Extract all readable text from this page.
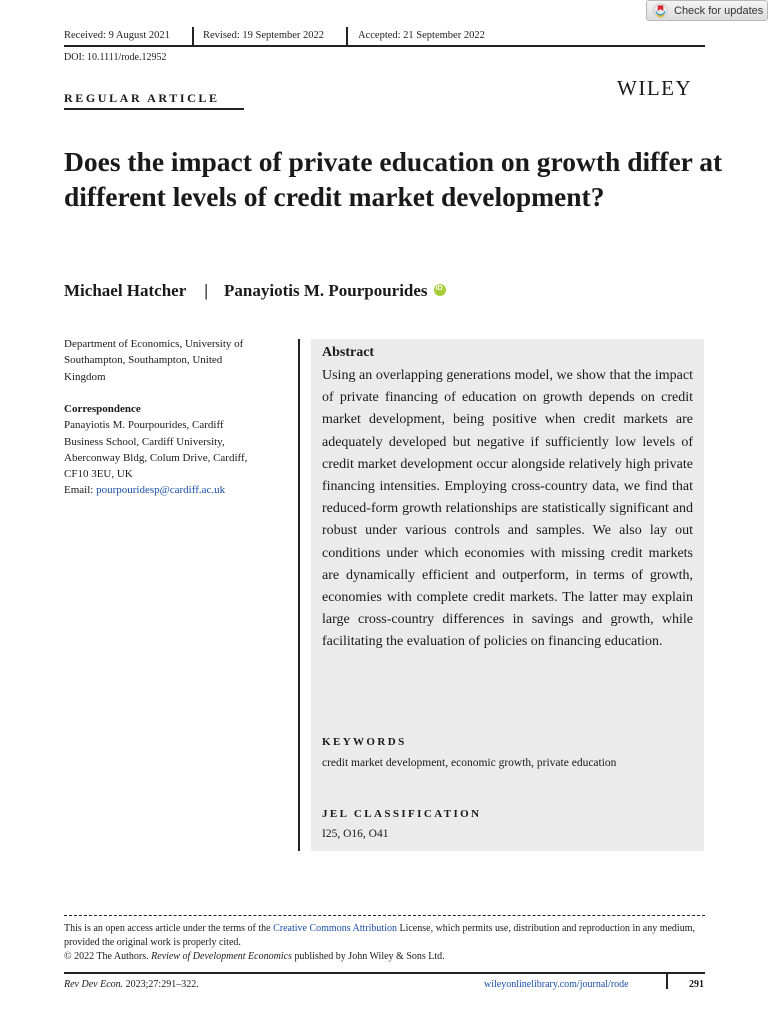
Check for updates
Received: 9 August 2021	Revised: 19 September 2022	Accepted: 21 September 2022
DOI: 10.1111/rode.12952
REGULAR ARTICLE	WILEY
Does the impact of private education on growth differ at different levels of credit market development?
Michael Hatcher | Panayiotis M. Pourpourides
iD
Department of Economics, University of
Southampton, Southampton, United
Kingdom
Correspondence
Panayiotis M. Pourpourides, Cardiff
Business School, Cardiff University,
Aberconway Bldg, Colum Drive, Cardiff,
CF10 3EU, UK
Email: pourpouridesp@cardiff.ac.uk
Abstract
Using an overlapping generations model, we show that the impact of private financing of education on growth depends on credit market development, being positive when credit markets are adequately developed but negative if sufficiently low levels of credit market development occur alongside relatively high private financing intensities. Employing cross-country data, we find that reduced-form growth relationships are statistically significant and robust under various controls and samples. We also lay out conditions under which economies with missing credit markets are dynamically efficient and outperform, in terms of growth, economies with complete credit markets. The latter may explain large cross-country differences in savings and growth, while facilitating the evaluation of policies on financing education.
KEYWORDS
credit market development, economic growth, private education
JEL CLASSIFICATION
I25, O16, O41
This is an open access article under the terms of the Creative Commons Attribution License, which permits use, distribution and reproduction in any medium, provided the original work is properly cited.
© 2022 The Authors. Review of Development Economics published by John Wiley & Sons Ltd.
Rev Dev Econ. 2023;27:291–322.	wileyonlinelibrary.com/journal/rode	291
